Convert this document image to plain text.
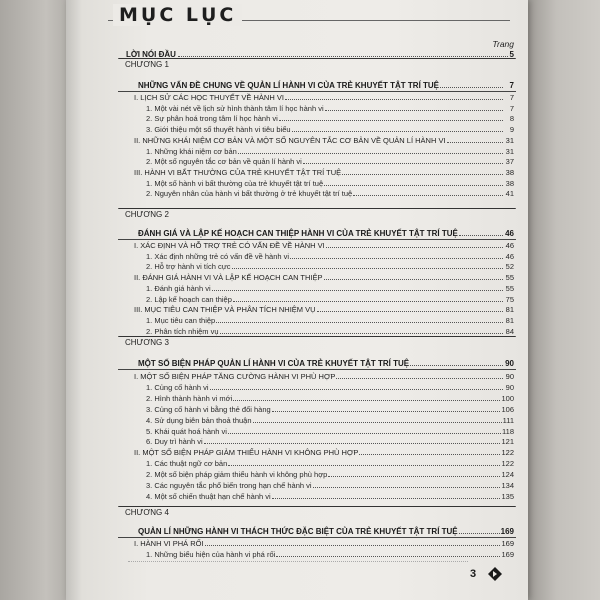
MỤC LỤC
Trang
LỜI NÓI ĐẦU	5
CHƯƠNG 1
NHỮNG VẤN ĐỀ CHUNG VỀ QUẢN LÍ HÀNH VI CỦA TRẺ KHUYẾT TẬT TRÍ TUỆ	7
I. LỊCH SỬ CÁC HỌC THUYẾT VỀ HÀNH VI	7
1. Một vài nét về lịch sử hình thành tâm lí học hành vi	7
2. Sự phân hoá trong tâm lí học hành vi	8
3. Giới thiệu một số thuyết hành vi tiêu biểu	9
II. NHỮNG KHÁI NIỆM CƠ BẢN VÀ MỘT SỐ NGUYÊN TẮC CƠ BẢN VỀ QUẢN LÍ HÀNH VI	31
1. Những khái niệm cơ bản	31
2. Một số nguyên tắc cơ bản về quản lí hành vi	37
III. HÀNH VI BẤT THƯỜNG CỦA TRẺ KHUYẾT TẬT TRÍ TUỆ	38
1. Một số hành vi bất thường của trẻ khuyết tật trí tuệ	38
2. Nguyên nhân của hành vi bất thường ở trẻ khuyết tật trí tuệ	41
CHƯƠNG 2
ĐÁNH GIÁ VÀ LẬP KẾ HOẠCH CAN THIỆP HÀNH VI CỦA TRẺ KHUYẾT TẬT TRÍ TUỆ	46
I. XÁC ĐỊNH VÀ HỖ TRỢ TRẺ CÓ VẤN ĐỀ VỀ HÀNH VI	46
1. Xác định những trẻ có vấn đề về hành vi	46
2. Hỗ trợ hành vi tích cực	52
II. ĐÁNH GIÁ HÀNH VI VÀ LẬP KẾ HOẠCH CAN THIỆP	55
1. Đánh giá hành vi	55
2. Lập kế hoạch can thiệp	75
III. MỤC TIÊU CAN THIỆP VÀ PHÂN TÍCH NHIỆM VỤ	81
1. Mục tiêu can thiệp	81
2. Phân tích nhiệm vụ	84
CHƯƠNG 3
MỘT SỐ BIỆN PHÁP QUẢN LÍ HÀNH VI CỦA TRẺ KHUYẾT TẬT TRÍ TUỆ	90
I. MỘT SỐ BIỆN PHÁP TĂNG CƯỜNG HÀNH VI PHÙ HỢP	90
1. Củng cố hành vi	90
2. Hình thành hành vi mới	100
3. Củng cố hành vi bằng thẻ đổi hàng	106
4. Sử dụng biên bản thoả thuận	111
5. Khái quát hoá hành vi	118
6. Duy trì hành vi	121
II. MỘT SỐ BIỆN PHÁP GIẢM THIỂU HÀNH VI KHÔNG PHÙ HỢP	122
1. Các thuật ngữ cơ bản	122
2. Một số biện pháp giảm thiểu hành vi không phù hợp	124
3. Các nguyên tắc phổ biến trong hạn chế hành vi	134
4. Một số chiến thuật hạn chế hành vi	135
CHƯƠNG 4
QUẢN LÍ NHỮNG HÀNH VI THÁCH THỨC ĐẶC BIỆT CỦA TRẺ KHUYẾT TẬT TRÍ TUỆ	169
I. HÀNH VI PHÁ RỐI	169
1. Những biểu hiện của hành vi phá rối	169
3
